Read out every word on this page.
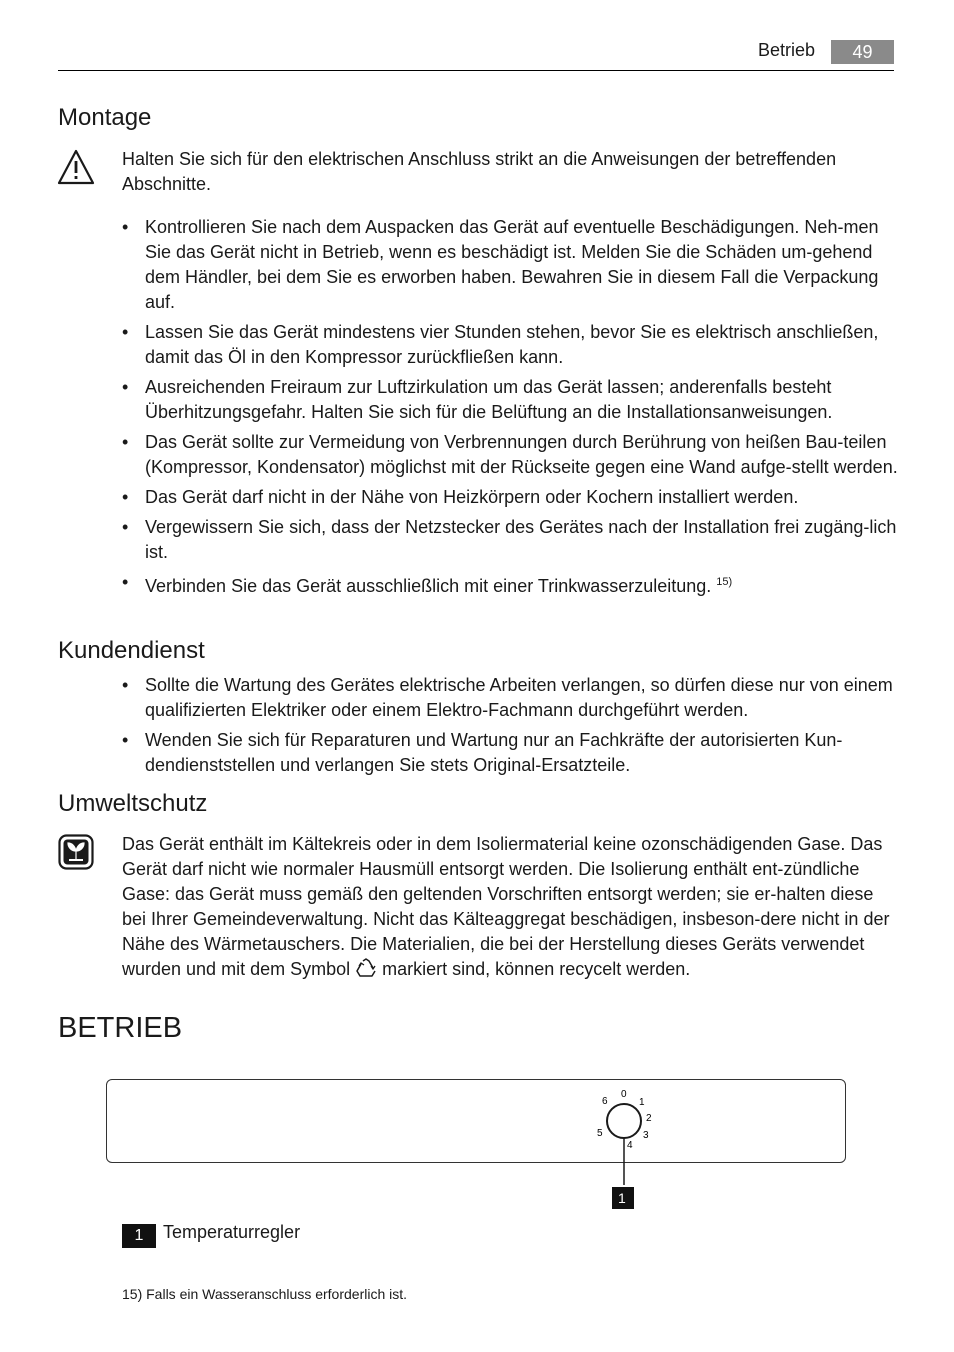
Betrieb	49
Montage
Halten Sie sich für den elektrischen Anschluss strikt an die Anweisungen der betreffenden Abschnitte.
• Kontrollieren Sie nach dem Auspacken das Gerät auf eventuelle Beschädigungen. Neh-men Sie das Gerät nicht in Betrieb, wenn es beschädigt ist. Melden Sie die Schäden um-gehend dem Händler, bei dem Sie es erworben haben. Bewahren Sie in diesem Fall die Verpackung auf.
• Lassen Sie das Gerät mindestens vier Stunden stehen, bevor Sie es elektrisch anschließen, damit das Öl in den Kompressor zurückfließen kann.
• Ausreichenden Freiraum zur Luftzirkulation um das Gerät lassen; anderenfalls besteht Überhitzungsgefahr. Halten Sie sich für die Belüftung an die Installationsanweisungen.
• Das Gerät sollte zur Vermeidung von Verbrennungen durch Berührung von heißen Bau-teilen (Kompressor, Kondensator) möglichst mit der Rückseite gegen eine Wand aufge-stellt werden.
• Das Gerät darf nicht in der Nähe von Heizkörpern oder Kochern installiert werden.
• Vergewissern Sie sich, dass der Netzstecker des Gerätes nach der Installation frei zugäng-lich ist.
• Verbinden Sie das Gerät ausschließlich mit einer Trinkwasserzuleitung. $^{15)}$
Kundendienst
• Sollte die Wartung des Gerätes elektrische Arbeiten verlangen, so dürfen diese nur von einem qualifizierten Elektriker oder einem Elektro-Fachmann durchgeführt werden.
• Wenden Sie sich für Reparaturen und Wartung nur an Fachkräfte der autorisierten Kun-dendienststellen und verlangen Sie stets Original-Ersatzteile.
Umweltschutz
Das Gerät enthält im Kältekreis oder in dem Isoliermaterial keine ozonschädigenden Gase. Das Gerät darf nicht wie normaler Hausmüll entsorgt werden. Die Isolierung enthält ent-zündliche Gase: das Gerät muss gemäß den geltenden Vorschriften entsorgt werden; sie er-halten diese bei Ihrer Gemeindeverwaltung. Nicht das Kälteaggregat beschädigen, insbeson-dere nicht in der Nähe des Wärmetauschers. Die Materialien, die bei der Herstellung dieses Geräts verwendet wurden und mit dem Symbol markiert sind, können recycelt werden.
BETRIEB
0
1
2
3
4
5
6
1
1	Temperaturregler
15) Falls ein Wasseranschluss erforderlich ist.
